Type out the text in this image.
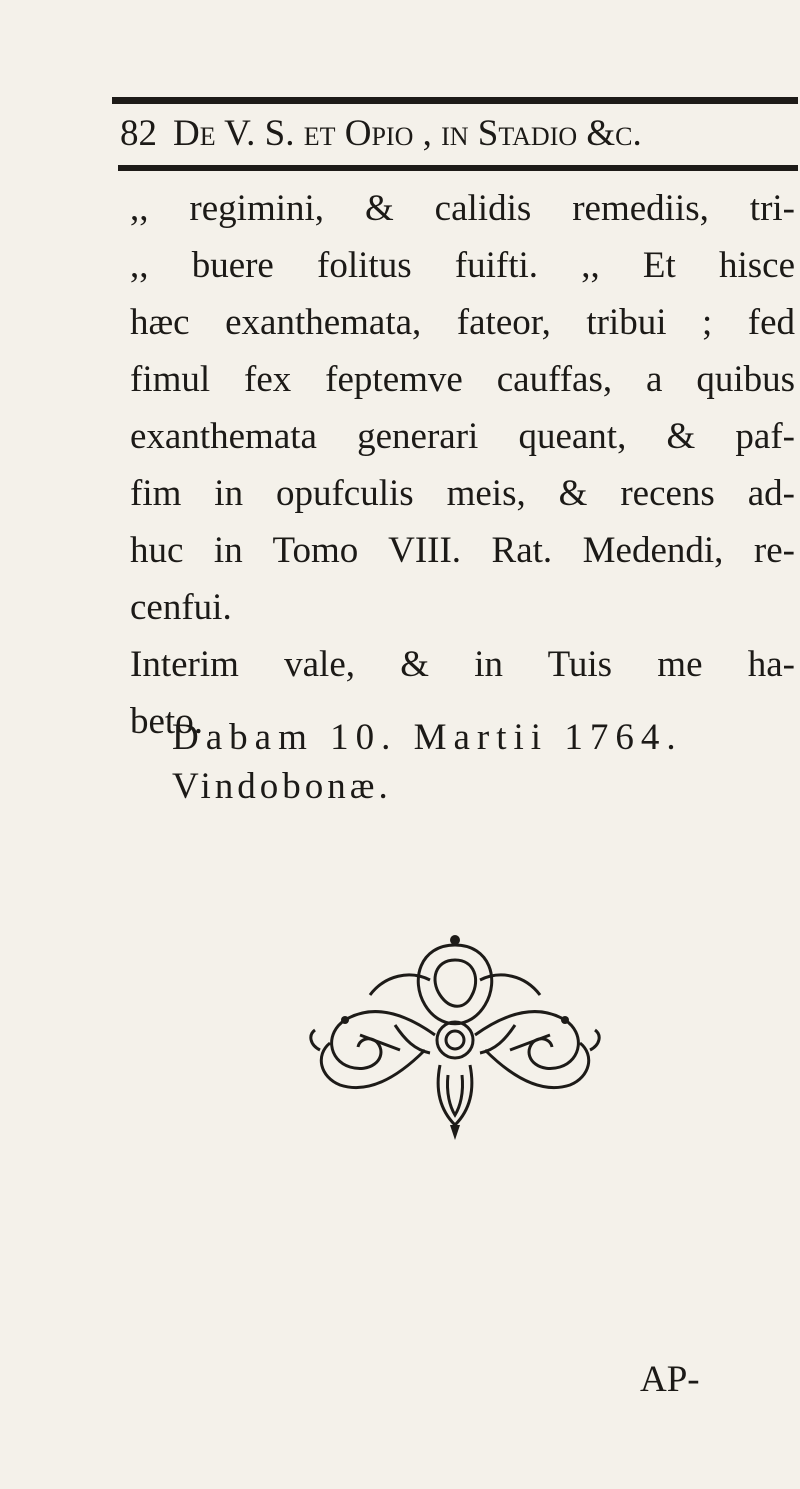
82 De V. S. et Opio , in Stadio &c.
,, regimini, & calidis remediis, tri-
,, buere folitus fuifti. ,, Et hisce
hæc exanthemata, fateor, tribui ; fed
fimul fex feptemve cauffas, a quibus
exanthemata generari queant, & paf-
fim in opufculis meis, & recens ad-
huc in Tomo VIII. Rat. Medendi, re-
cenfui.
Interim vale, & in Tuis me ha-
beto.
Dabam 10. Martii 1764.
Vindobonæ.
AP-
